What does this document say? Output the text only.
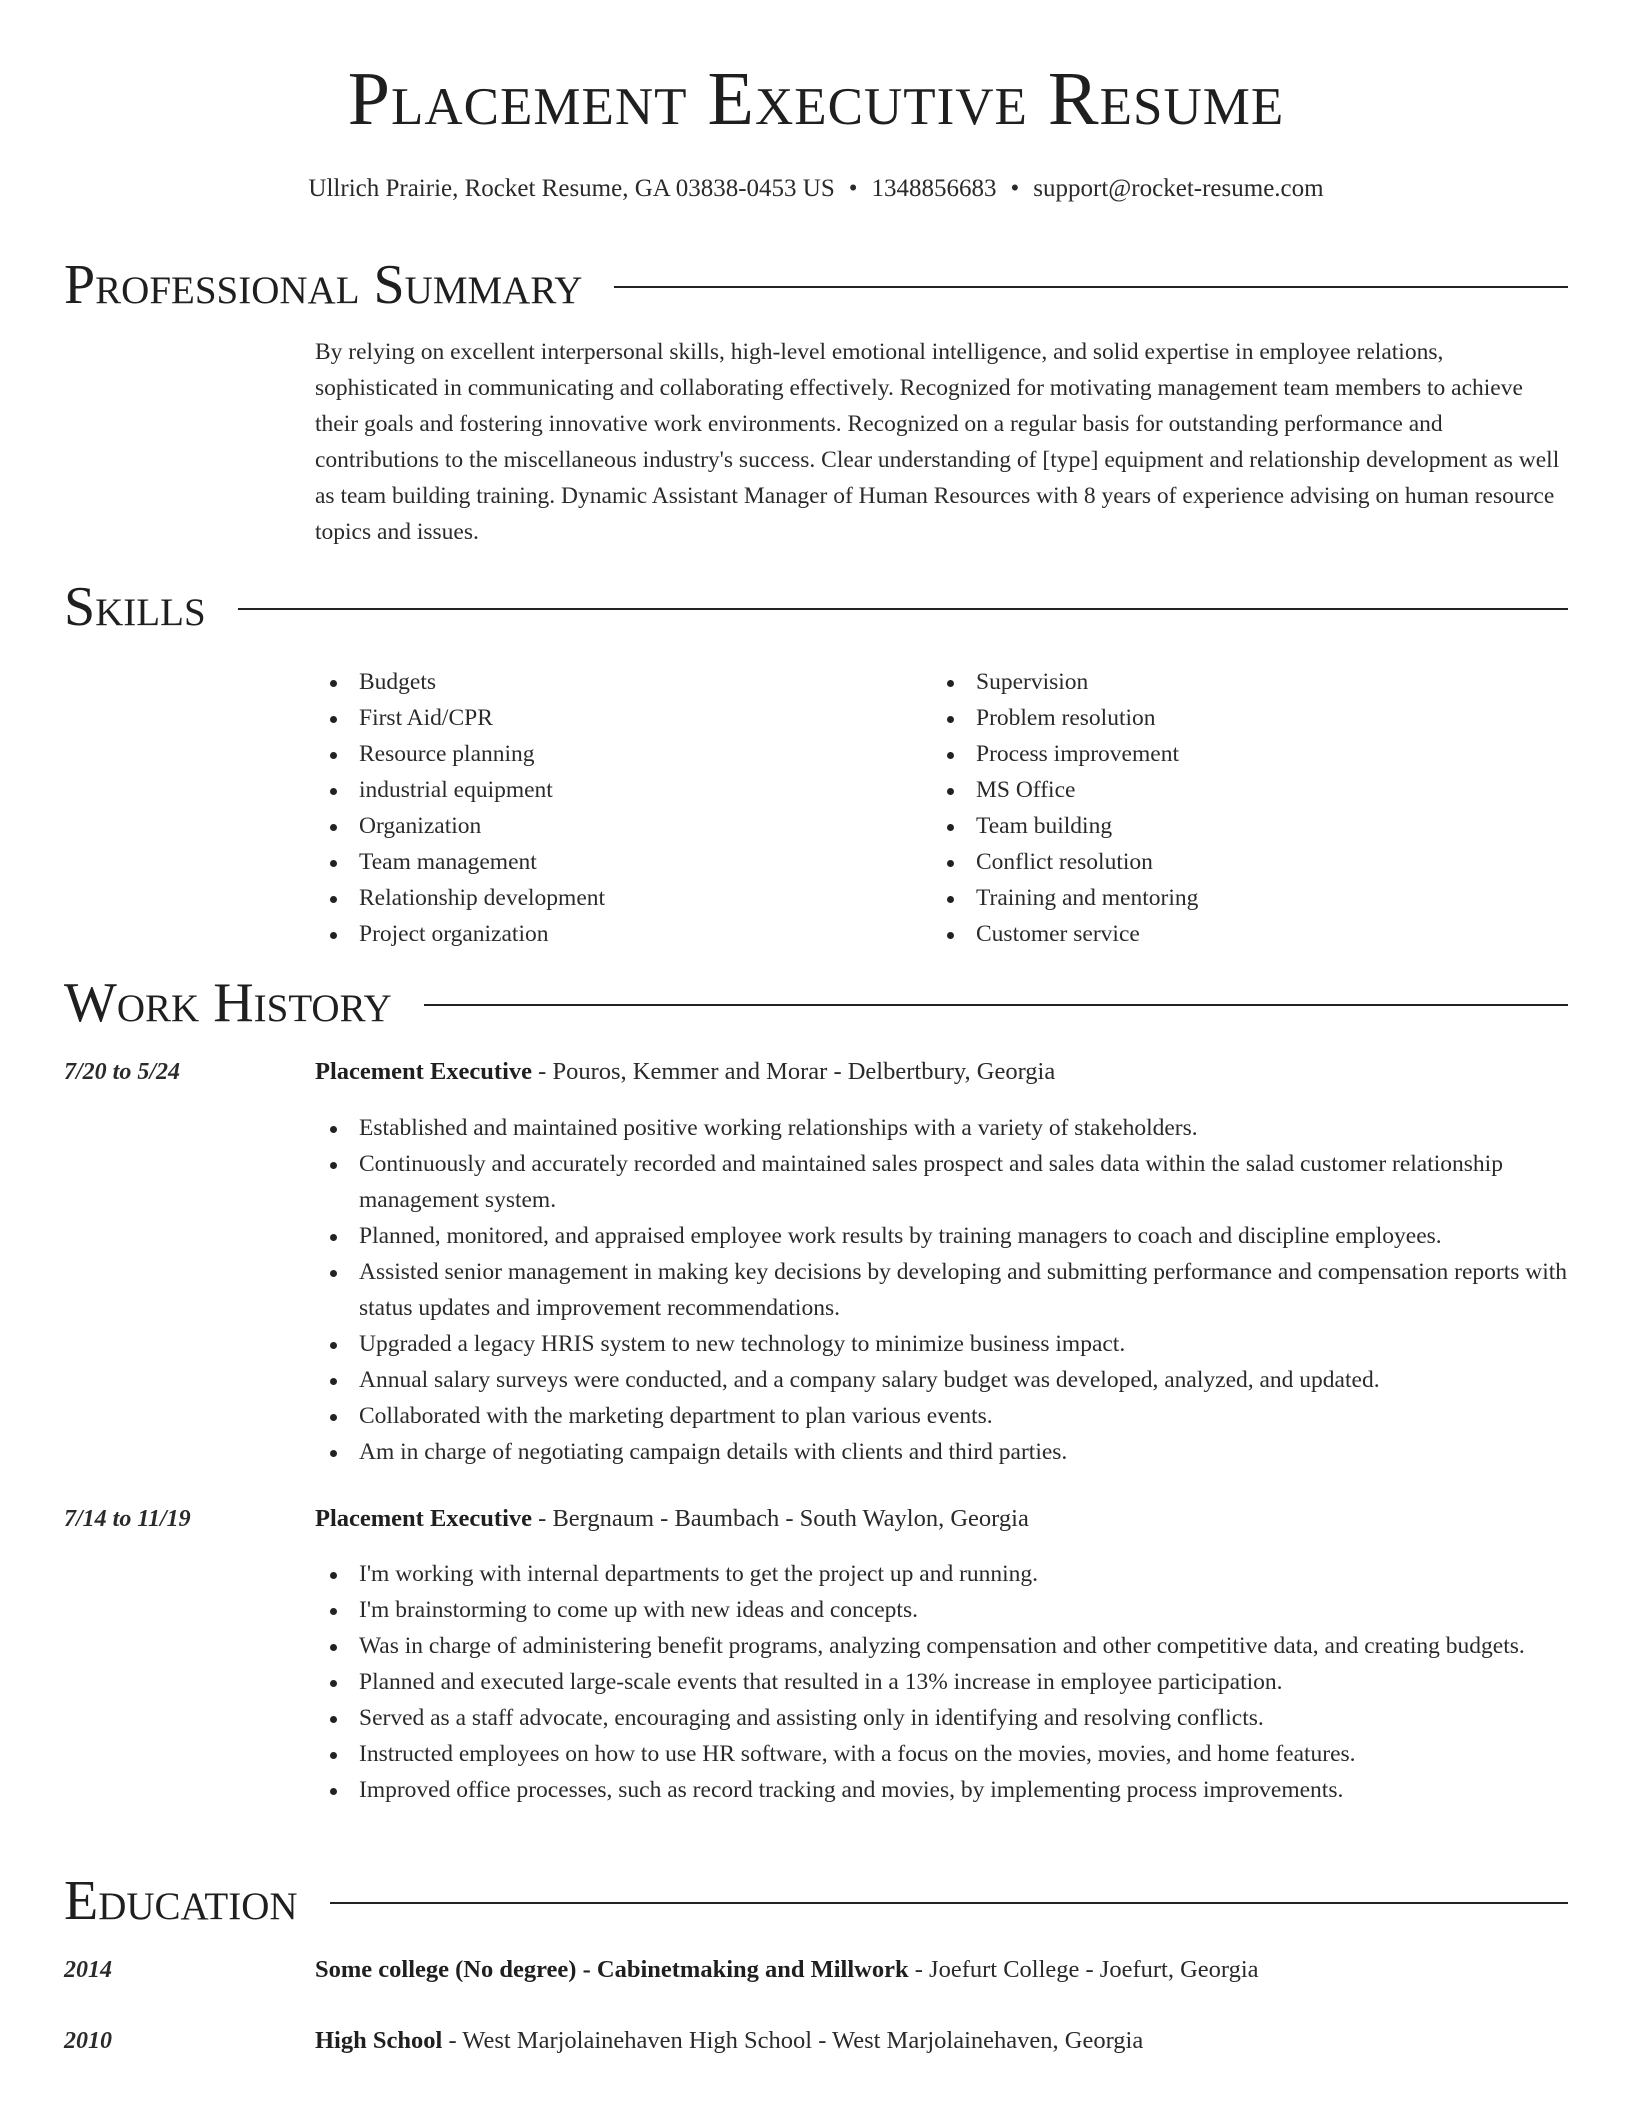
Placement Executive Resume
Ullrich Prairie, Rocket Resume, GA 03838-0453 US • 1348856683 • support@rocket-resume.com
Professional Summary
By relying on excellent interpersonal skills, high-level emotional intelligence, and solid expertise in employee relations, sophisticated in communicating and collaborating effectively. Recognized for motivating management team members to achieve their goals and fostering innovative work environments. Recognized on a regular basis for outstanding performance and contributions to the miscellaneous industry's success. Clear understanding of [type] equipment and relationship development as well as team building training. Dynamic Assistant Manager of Human Resources with 8 years of experience advising on human resource topics and issues.
Skills
Budgets
First Aid/CPR
Resource planning
industrial equipment
Organization
Team management
Relationship development
Project organization
Supervision
Problem resolution
Process improvement
MS Office
Team building
Conflict resolution
Training and mentoring
Customer service
Work History
7/20 to 5/24	Placement Executive - Pouros, Kemmer and Morar - Delbertbury, Georgia
Established and maintained positive working relationships with a variety of stakeholders.
Continuously and accurately recorded and maintained sales prospect and sales data within the salad customer relationship management system.
Planned, monitored, and appraised employee work results by training managers to coach and discipline employees.
Assisted senior management in making key decisions by developing and submitting performance and compensation reports with status updates and improvement recommendations.
Upgraded a legacy HRIS system to new technology to minimize business impact.
Annual salary surveys were conducted, and a company salary budget was developed, analyzed, and updated.
Collaborated with the marketing department to plan various events.
Am in charge of negotiating campaign details with clients and third parties.
7/14 to 11/19	Placement Executive - Bergnaum - Baumbach - South Waylon, Georgia
I'm working with internal departments to get the project up and running.
I'm brainstorming to come up with new ideas and concepts.
Was in charge of administering benefit programs, analyzing compensation and other competitive data, and creating budgets.
Planned and executed large-scale events that resulted in a 13% increase in employee participation.
Served as a staff advocate, encouraging and assisting only in identifying and resolving conflicts.
Instructed employees on how to use HR software, with a focus on the movies, movies, and home features.
Improved office processes, such as record tracking and movies, by implementing process improvements.
Education
2014	Some college (No degree) - Cabinetmaking and Millwork - Joefurt College - Joefurt, Georgia
2010	High School - West Marjolainehaven High School - West Marjolainehaven, Georgia
